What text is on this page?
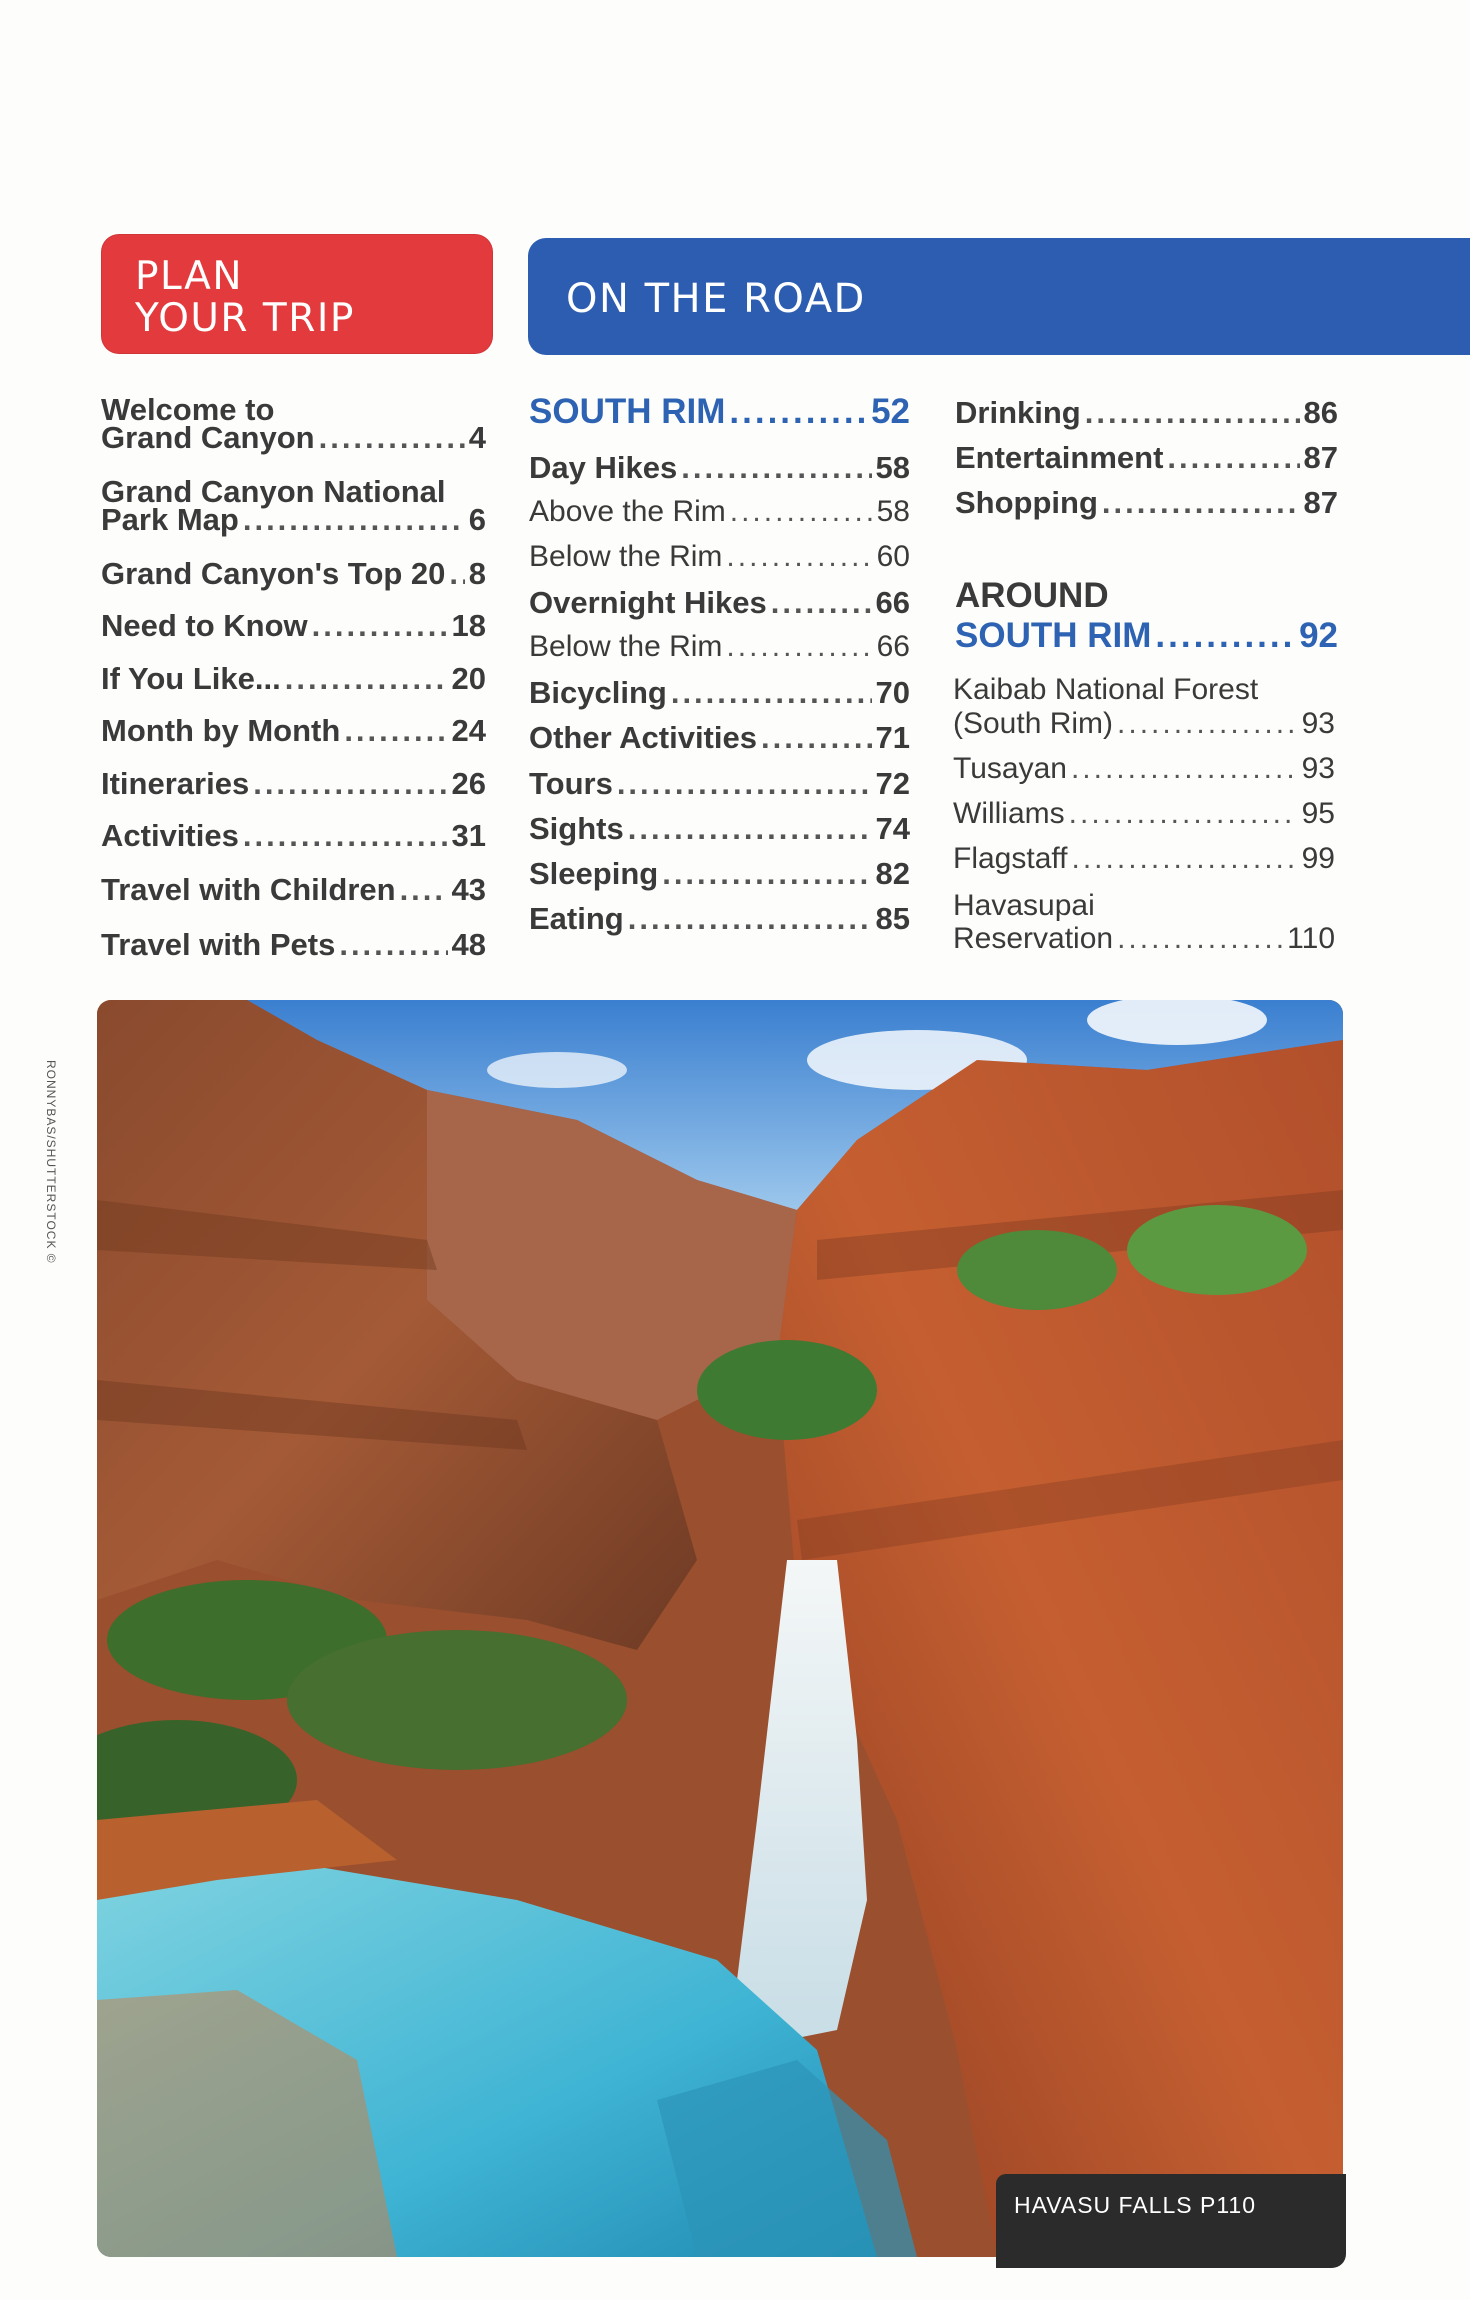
PLAN
YOUR TRIP	ON THE ROAD
Welcome to
Grand Canyon .....	4
Grand Canyon National
Park Map .....	6
Grand Canyon's Top 20 ..... 8
Need to Know .....	18
If You Like... .....	20
Month by Month .....	24
Itineraries .....	26
Activities .....	31
Travel with Children ..... 43
Travel with Pets .....	48
SOUTH RIM .....	52
Day Hikes .....	58
Above the Rim .....	58
Below the Rim .....	60
Overnight Hikes .....	66
Below the Rim .....	66
Bicycling .....	70
Other Activities .....	71
Tours .....	72
Sights .....	74
Sleeping .....	82
Eating .....	85
Drinking .....	86
Entertainment .....	87
Shopping .....	87
AROUND
SOUTH RIM .....	92
Kaibab National Forest
(South Rim) .....	93
Tusayan .....	93
Williams .....	95
Flagstaff .....	99
Havasupai
Reservation .....	110
RONNYBAS/SHUTTERSTOCK ©
HAVASU FALLS P110
